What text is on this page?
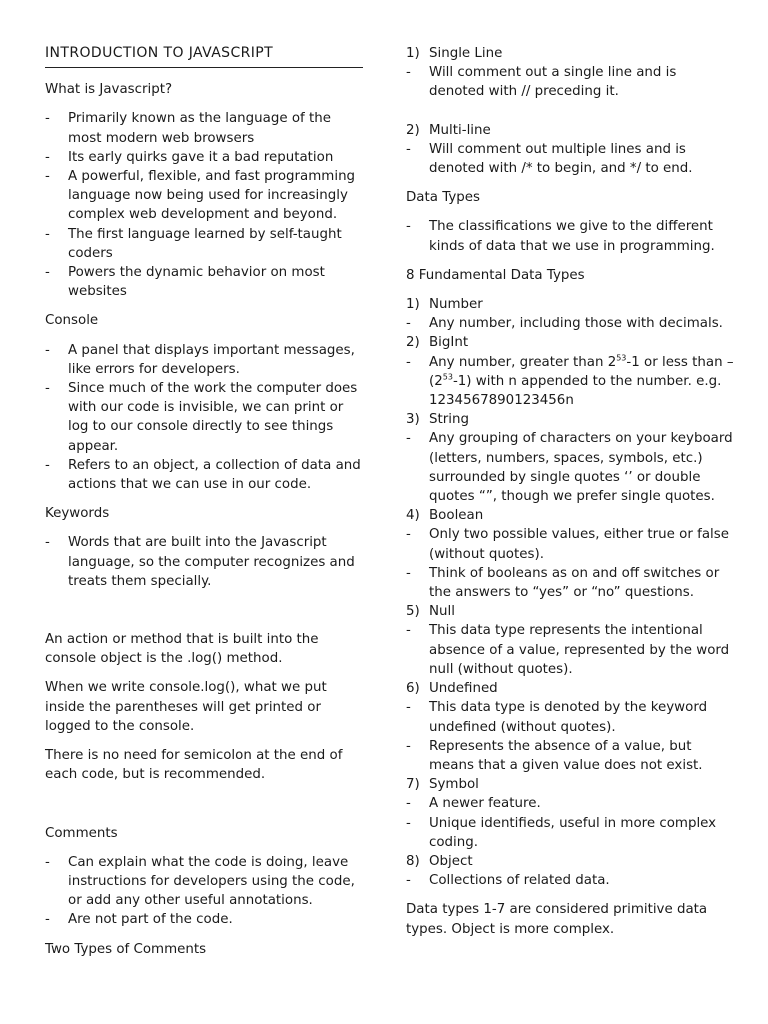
INTRODUCTION TO JAVASCRIPT

What is Javascript?

-	Primarily known as the language of the most modern web browsers
-	Its early quirks gave it a bad reputation
-	A powerful, flexible, and fast programming language now being used for increasingly complex web development and beyond.
-	The first language learned by self-taught coders
-	Powers the dynamic behavior on most websites

Console

-	A panel that displays important messages, like errors for developers.
-	Since much of the work the computer does with our code is invisible, we can print or log to our console directly to see things appear.
-	Refers to an object, a collection of data and actions that we can use in our code.

Keywords

-	Words that are built into the Javascript language, so the computer recognizes and treats them specially.

An action or method that is built into the console object is the .log() method.

When we write console.log(), what we put inside the parentheses will get printed or logged to the console.

There is no need for semicolon at the end of each code, but is recommended.

Comments

-	Can explain what the code is doing, leave instructions for developers using the code, or add any other useful annotations.
-	Are not part of the code.

Two Types of Comments

1) Single Line
-	Will comment out a single line and is denoted with // preceding it.
2) Multi-line
-	Will comment out multiple lines and is denoted with /* to begin, and */ to end.

Data Types

-	The classifications we give to the different kinds of data that we use in programming.

8 Fundamental Data Types

1) Number
-	Any number, including those with decimals.
2) BigInt
-	Any number, greater than $2^{53}-1$ or less than $-(2^{53}-1)$ with n appended to the number. e.g. 1234567890123456n
3) String
-	Any grouping of characters on your keyboard (letters, numbers, spaces, symbols, etc.) surrounded by single quotes ‘’ or double quotes “”, though we prefer single quotes.
4) Boolean
-	Only two possible values, either true or false (without quotes).
-	Think of booleans as on and off switches or the answers to “yes” or “no” questions.
5) Null
-	This data type represents the intentional absence of a value, represented by the word null (without quotes).
6) Undefined
-	This data type is denoted by the keyword undefined (without quotes).
-	Represents the absence of a value, but means that a given value does not exist.
7) Symbol
-	A newer feature.
-	Unique identifieds, useful in more complex coding.
8) Object
-	Collections of related data.

Data types 1-7 are considered primitive data types. Object is more complex.
